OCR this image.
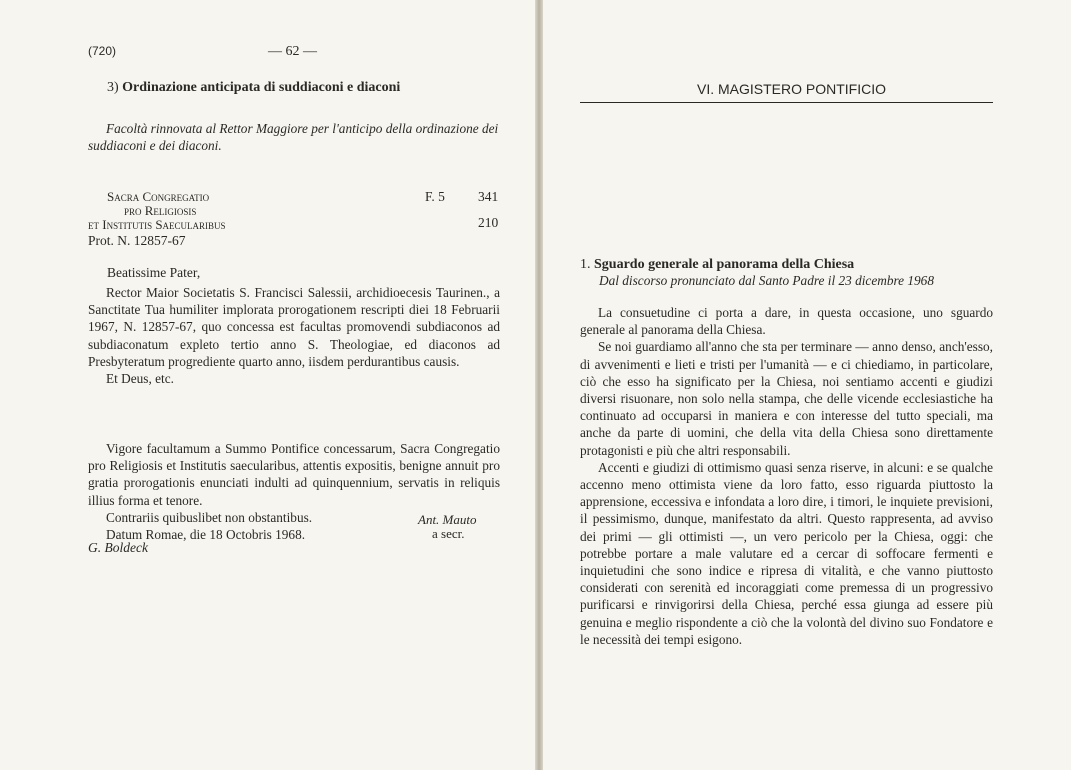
(720)	— 62 —
3) Ordinazione anticipata di suddiaconi e diaconi
Facoltà rinnovata al Rettor Maggiore per l'anticipo della ordinazione dei suddiaconi e dei diaconi.
Sacra Congregatio
pro Religiosis
et Institutis Saecularibus
Prot. N. 12857-67
F. 5 341
210
Beatissime Pater,

Rector Maior Societatis S. Francisci Salessii, archidioecesis Taurinen., a Sanctitate Tua humiliter implorata prorogationem rescripti diei 18 Februarii 1967, N. 12857-67, quo concessa est facultas promovendi subdiaconos ad subdiaconatum expleto tertio anno S. Theologiae, ed diaconos ad Presbyteratum progrediente quarto anno, iisdem perdurantibus causis.

Et Deus, etc.

Vigore facultamum a Summo Pontifice concessarum, Sacra Congregatio pro Religiosis et Institutis saecularibus, attentis expositis, benigne annuit pro gratia prorogationis enunciati indulti ad quinquennium, servatis in reliquis illius forma et tenore.

Contrariis quibuslibet non obstantibus.

Datum Romae, die 18 Octobris 1968.

Ant. Mauto
a secr.
G. Boldeck
VI. MAGISTERO PONTIFICIO
1. Sguardo generale al panorama della Chiesa
Dal discorso pronunciato dal Santo Padre il 23 dicembre 1968

La consuetudine ci porta a dare, in questa occasione, uno sguardo generale al panorama della Chiesa.

Se noi guardiamo all'anno che sta per terminare — anno denso, anch'esso, di avvenimenti e lieti e tristi per l'umanità — e ci chiediamo, in particolare, ciò che esso ha significato per la Chiesa, noi sentiamo accenti e giudizi diversi risuonare, non solo nella stampa, che delle vicende ecclesiastiche ha continuato ad occuparsi in maniera e con interesse del tutto speciali, ma anche da parte di uomini, che della vita della Chiesa sono direttamente protagonisti e più che altri responsabili.

Accenti e giudizi di ottimismo quasi senza riserve, in alcuni: e se qualche accenno meno ottimista viene da loro fatto, esso riguarda piuttosto la apprensione, eccessiva e infondata a loro dire, i timori, le inquiete previsioni, il pessimismo, dunque, manifestato da altri. Questo rappresenta, ad avviso dei primi — gli ottimisti —, un vero pericolo per la Chiesa, oggi: che potrebbe portare a male valutare ed a cercar di soffocare fermenti e inquietudini che sono indice e ripresa di vitalità, e che vanno piuttosto considerati con serenità ed incoraggiati come premessa di un progressivo purificarsi e rinvigorirsi della Chiesa, perché essa giunga ad essere più genuina e meglio rispondente a ciò che la volontà del divino suo Fondatore e le necessità dei tempi esigono.
